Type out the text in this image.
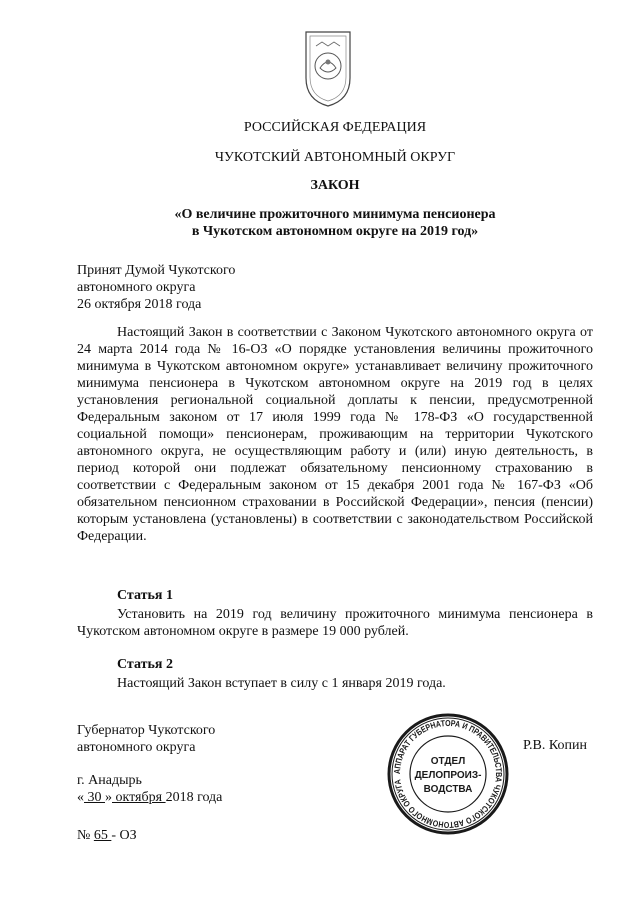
РОССИЙСКАЯ ФЕДЕРАЦИЯ
ЧУКОТСКИЙ АВТОНОМНЫЙ ОКРУГ
ЗАКОН
«О величине прожиточного минимума пенсионера
в Чукотском автономном округе на 2019 год»
Принят Думой Чукотского
автономного округа
26 октября 2018 года
Настоящий Закон в соответствии с Законом Чукотского автономного округа от 24 марта 2014 года № 16-ОЗ «О порядке установления величины прожиточного минимума в Чукотском автономном округе» устанавливает величину прожиточного минимума пенсионера в Чукотском автономном округе на 2019 год в целях установления региональной социальной доплаты к пенсии, предусмотренной Федеральным законом от 17 июля 1999 года № 178-ФЗ «О государственной социальной помощи» пенсионерам, проживающим на территории Чукотского автономного округа, не осуществляющим работу и (или) иную деятельность, в период которой они подлежат обязательному пенсионному страхованию в соответствии с Федеральным законом от 15 декабря 2001 года № 167-ФЗ «Об обязательном пенсионном страховании в Российской Федерации», пенсия (пенсии) которым установлена (установлены) в соответствии с законодательством Российской Федерации.
Статья 1
Установить на 2019 год величину прожиточного минимума пенсионера в Чукотском автономном округе в размере 19 000 рублей.
Статья 2
Настоящий Закон вступает в силу с 1 января 2019 года.
Губернатор Чукотского
автономного округа	Р.В. Копин
г. Анадырь
« 30 » октября 2018 года
№ 65 - ОЗ
АППАРАТ ГУБЕРНАТОРА И ПРАВИТЕЛЬСТВА ЧУКОТСКОГО АВТОНОМНОГО ОКРУГА
ОТДЕЛ
ДЕЛОПРОИЗ-
ВОДСТВА
